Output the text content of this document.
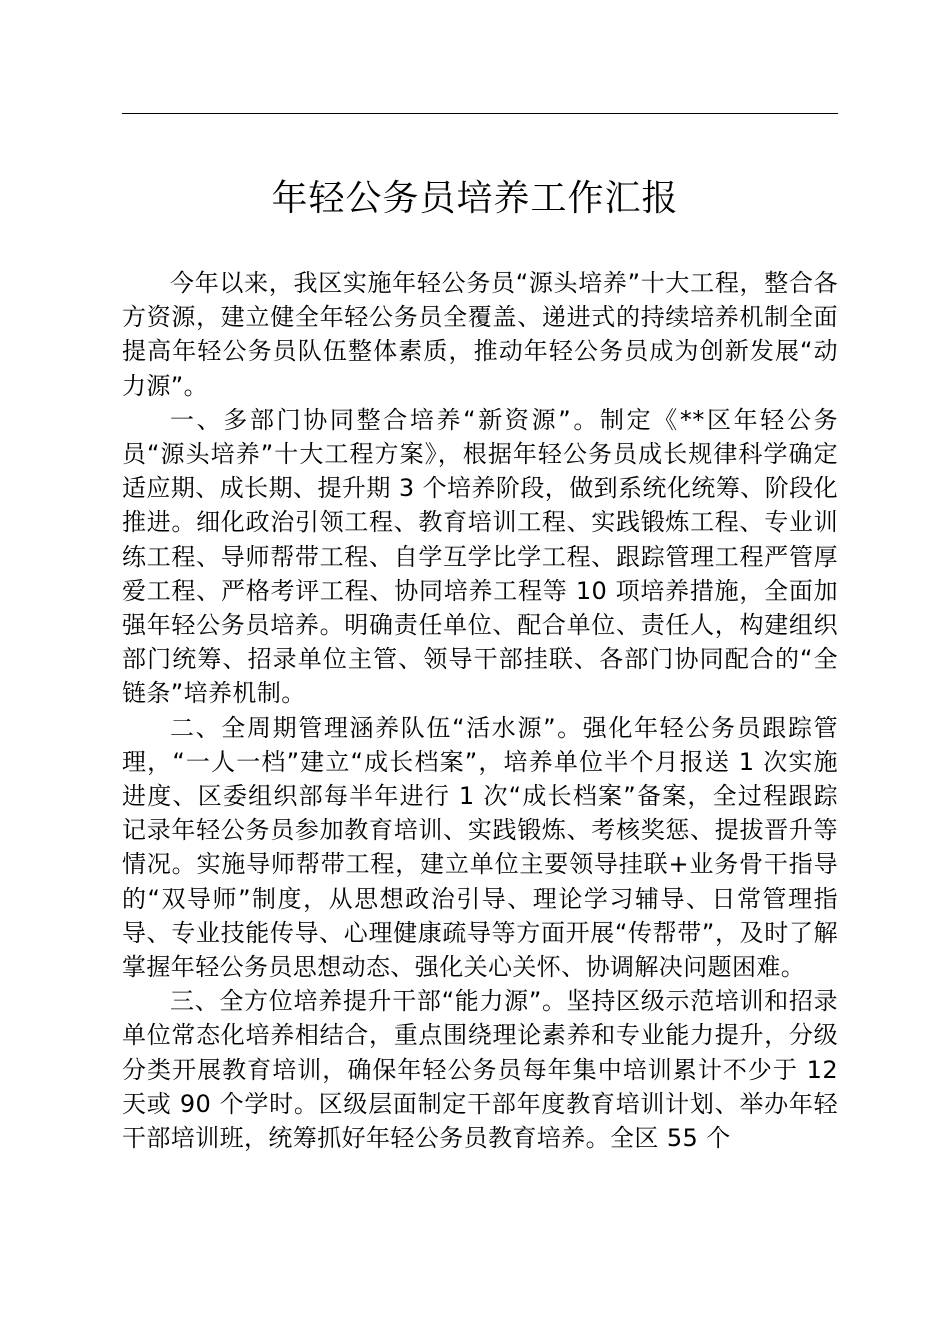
年轻公务员培养工作汇报

今年以来，我区实施年轻公务员“源头培养”十大工程，整合各方资源，建立健全年轻公务员全覆盖、递进式的持续培养机制全面提高年轻公务员队伍整体素质，推动年轻公务员成为创新发展“动力源”。

一、多部门协同整合培养“新资源”。制定《**区年轻公务员“源头培养”十大工程方案》，根据年轻公务员成长规律科学确定适应期、成长期、提升期 3 个培养阶段，做到系统化统筹、阶段化推进。细化政治引领工程、教育培训工程、实践锻炼工程、专业训练工程、导师帮带工程、自学互学比学工程、跟踪管理工程严管厚爱工程、严格考评工程、协同培养工程等 10 项培养措施，全面加强年轻公务员培养。明确责任单位、配合单位、责任人，构建组织部门统筹、招录单位主管、领导干部挂联、各部门协同配合的“全链条”培养机制。

二、全周期管理涵养队伍“活水源”。强化年轻公务员跟踪管理，“一人一档”建立“成长档案”，培养单位半个月报送 1 次实施进度、区委组织部每半年进行 1 次“成长档案”备案，全过程跟踪记录年轻公务员参加教育培训、实践锻炼、考核奖惩、提拔晋升等情况。实施导师帮带工程，建立单位主要领导挂联+业务骨干指导的“双导师”制度，从思想政治引导、理论学习辅导、日常管理指导、专业技能传导、心理健康疏导等方面开展“传帮带”，及时了解掌握年轻公务员思想动态、强化关心关怀、协调解决问题困难。

三、全方位培养提升干部“能力源”。坚持区级示范培训和招录单位常态化培养相结合，重点围绕理论素养和专业能力提升，分级分类开展教育培训，确保年轻公务员每年集中培训累计不少于 12 天或 90 个学时。区级层面制定干部年度教育培训计划、举办年轻干部培训班，统筹抓好年轻公务员教育培养。全区 55 个
